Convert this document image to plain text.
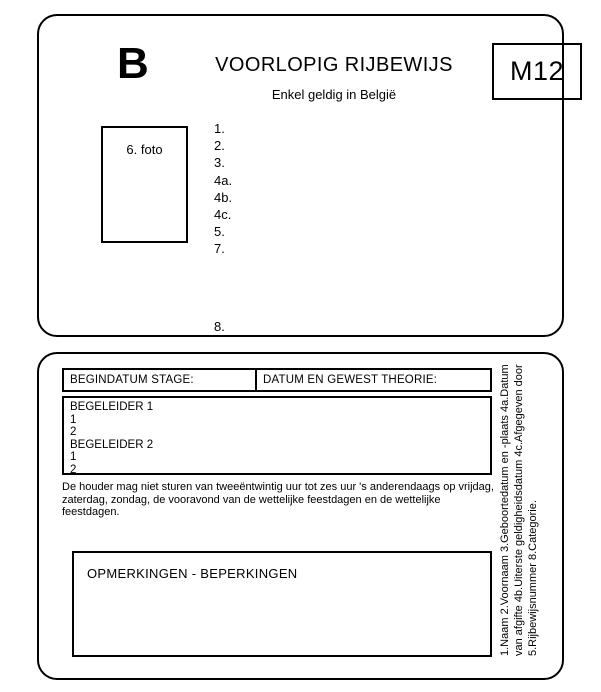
B	VOORLOPIG RIJBEWIJS
Enkel geldig in België
M12
6. foto
1.
2.
3.
4a.
4b.
4c.
5.
7.
8.
BEGINDATUM STAGE:	DATUM EN GEWEST THEORIE:
BEGELEIDER 1
1
2
BEGELEIDER 2
1
2
De houder mag niet sturen van tweeëntwintig uur tot zes uur 's anderendaags op vrijdag,
zaterdag, zondag, de vooravond van de wettelijke feestdagen en de wettelijke feestdagen.
OPMERKINGEN - BEPERKINGEN	1.Naam 2.Voornaam 3.Geboortedatum en -plaats 4a.Datum van afgifte 4b.Uiterste geldigheidsdatum 4c.Afgegeven door 5.Rijbewijsnummer 8.Categorie.
